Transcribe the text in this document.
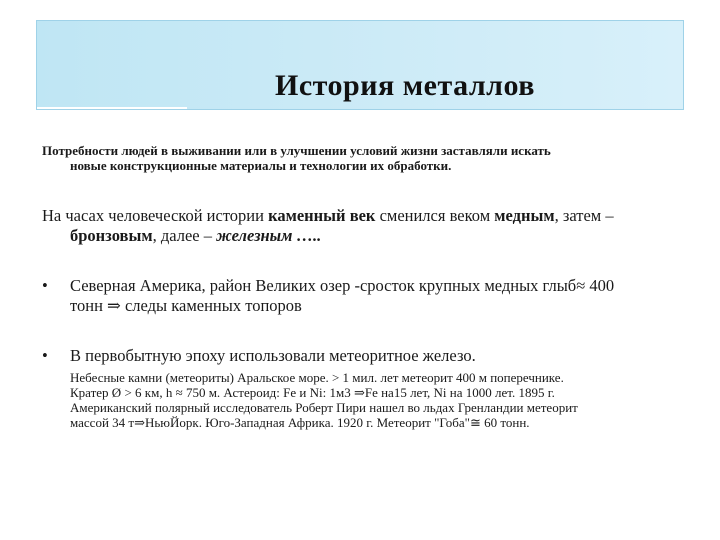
История металлов
Потребности людей в выживании или в улучшении условий жизни заставляли искать
новые конструкционные материалы и технологии их обработки.
На часах человеческой истории каменный век сменился веком медным, затем –
бронзовым, далее – железным …..
• Северная Америка, район Великих озер -сросток крупных медных глыб≈ 400
тонн ⇒ следы каменных топоров
• В первобытную эпоху использовали метеоритное железо.
Небесные камни (метеориты) Аральское море. > 1 мил. лет метеорит 400 м поперечнике.
Кратер Ø > 6 км, h ≈ 750 м. Астероид: Fe и Ni: 1м3 ⇒Fe на15 лет, Ni на 1000 лет. 1895 г.
Американский полярный исследователь Роберт Пири нашел во льдах Гренландии метеорит
массой 34 т⇒НьюЙорк. Юго-Западная Африка. 1920 г. Метеорит "Гоба"≅ 60 тонн.
